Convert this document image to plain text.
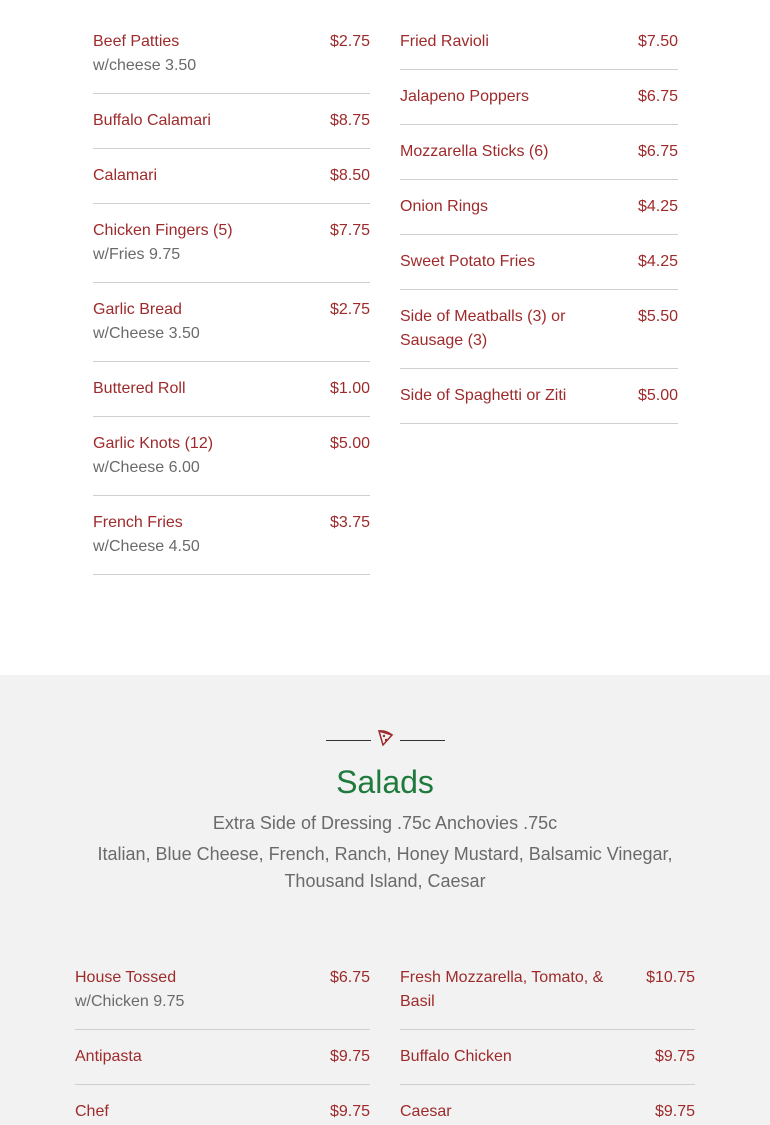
Beef Patties	$2.75
w/cheese 3.50
Buffalo Calamari	$8.75
Calamari	$8.50
Chicken Fingers (5)	$7.75
w/Fries 9.75
Garlic Bread	$2.75
w/Cheese 3.50
Buttered Roll	$1.00
Garlic Knots (12)	$5.00
w/Cheese 6.00
French Fries	$3.75
w/Cheese 4.50
Fried Ravioli	$7.50
Jalapeno Poppers	$6.75
Mozzarella Sticks (6)	$6.75
Onion Rings	$4.25
Sweet Potato Fries	$4.25
Side of Meatballs (3) or
Sausage (3)
$5.50
Side of Spaghetti or Ziti	$5.00
Salads
Extra Side of Dressing .75c Anchovies .75c
Italian, Blue Cheese, French, Ranch, Honey Mustard, Balsamic Vinegar, Thousand Island, Caesar
House Tossed	$6.75
w/Chicken 9.75
Antipasta	$9.75
Chef	$9.75
Fresh Mozzarella, Tomato, &
Basil
$10.75
Buffalo Chicken	$9.75
Caesar	$9.75
